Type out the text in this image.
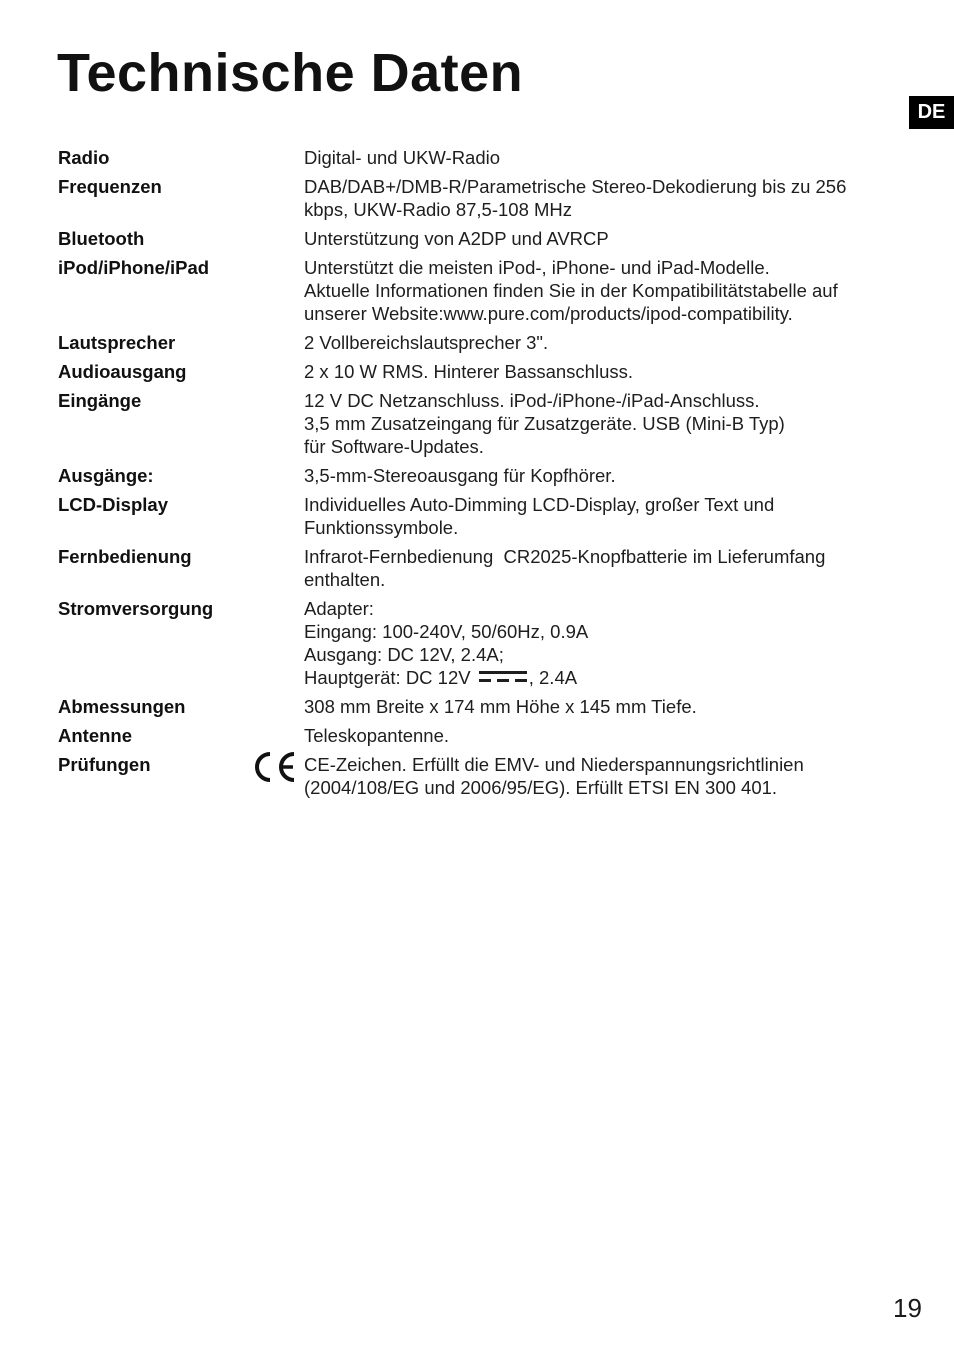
Technische Daten
DE
Radio	Digital- und UKW-Radio
Frequenzen	DAB/DAB+/DMB-R/Parametrische Stereo-Dekodierung bis zu 256
kbps, UKW-Radio 87,5-108 MHz
Bluetooth	Unterstützung von A2DP und AVRCP
iPod/iPhone/iPad	Unterstützt die meisten iPod-, iPhone- und iPad-Modelle.
Aktuelle Informationen finden Sie in der Kompatibilitätstabelle auf
unserer Website:www.pure.com/products/ipod-compatibility.
Lautsprecher	2 Vollbereichslautsprecher 3".
Audioausgang	2 x 10 W RMS. Hinterer Bassanschluss.
Eingänge	12 V DC Netzanschluss. iPod-/iPhone-/iPad-Anschluss.
3,5 mm Zusatzeingang für Zusatzgeräte. USB (Mini-B Typ)
für Software-Updates.
Ausgänge:	3,5-mm-Stereoausgang für Kopfhörer.
LCD-Display	Individuelles Auto-Dimming LCD-Display, großer Text und
Funktionssymbole.
Fernbedienung	Infrarot-Fernbedienung  CR2025-Knopfbatterie im Lieferumfang
enthalten.
Stromversorgung	Adapter:
Eingang: 100-240V, 50/60Hz, 0.9A
Ausgang: DC 12V, 2.4A;
Hauptgerät: DC 12V	, 2.4A
Abmessungen	308 mm Breite x 174 mm Höhe x 145 mm Tiefe.
Antenne	Teleskopantenne.
Prüfungen	CE-Zeichen. Erfüllt die EMV- und Niederspannungsrichtlinien
(2004/108/EG und 2006/95/EG). Erfüllt ETSI EN 300 401.
19
